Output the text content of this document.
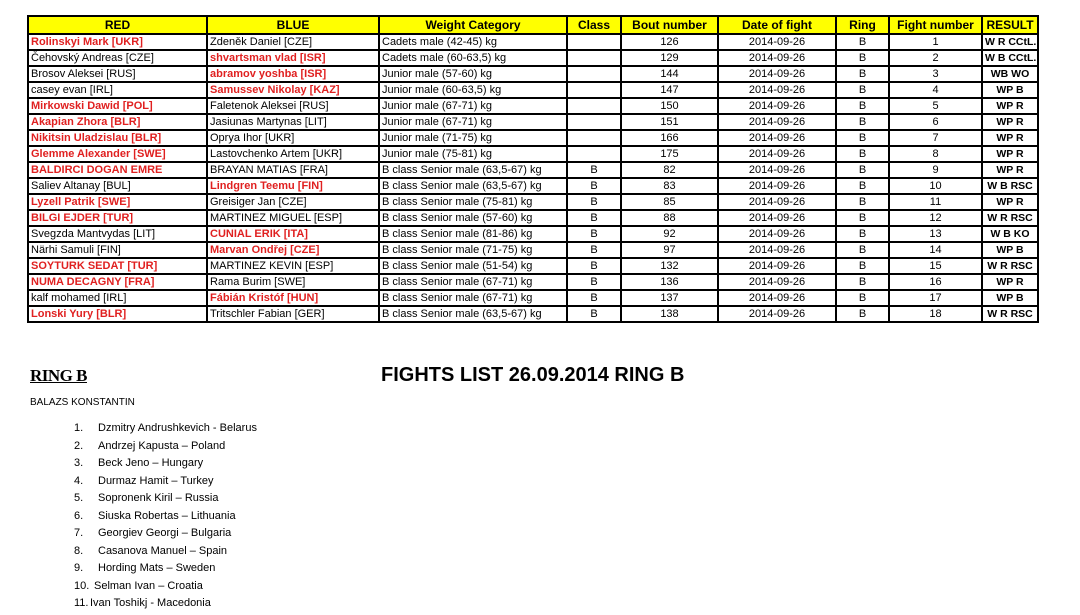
RED	BLUE	Weight Category	Class	Bout number	Date of fight	Ring	Fight number	RESULT
Rolinskyi Mark [UKR]	Zdeněk Daniel [CZE]	Cadets male (42-45) kg		126	2014-09-26	B	1	W R CCtL.
Čehovský Andreas [CZE]	shvartsman vlad [ISR]	Cadets male (60-63,5) kg		129	2014-09-26	B	2	W B CCtL.
Brosov Aleksei [RUS]	abramov yoshba [ISR]	Junior male (57-60) kg		144	2014-09-26	B	3	WB WO
casey evan [IRL]	Samussev Nikolay [KAZ]	Junior male (60-63,5) kg		147	2014-09-26	B	4	WP B
Mirkowski Dawid [POL]	Faletenok Aleksei [RUS]	Junior male (67-71) kg		150	2014-09-26	B	5	WP R
Akapian Zhora [BLR]	Jasiunas Martynas [LIT]	Junior male (67-71) kg		151	2014-09-26	B	6	WP R
Nikitsin Uladzislau [BLR]	Oprya Ihor [UKR]	Junior male (71-75) kg		166	2014-09-26	B	7	WP R
Glemme Alexander [SWE]	Lastovchenko Artem [UKR]	Junior male (75-81) kg		175	2014-09-26	B	8	WP R
BALDIRCI DOGAN EMRE	BRAYAN MATIAS [FRA]	B class Senior male (63,5-67) kg	B	82	2014-09-26	B	9	WP R
Saliev Altanay [BUL]	Lindgren Teemu [FIN]	B class Senior male (63,5-67) kg	B	83	2014-09-26	B	10	W B RSC
Lyzell Patrik [SWE]	Greisiger Jan [CZE]	B class Senior male (75-81) kg	B	85	2014-09-26	B	11	WP R
BILGI EJDER [TUR]	MARTINEZ MIGUEL [ESP]	B class Senior male (57-60) kg	B	88	2014-09-26	B	12	W R RSC
Svegzda Mantvydas [LIT]	CUNIAL ERIK [ITA]	B class Senior male (81-86) kg	B	92	2014-09-26	B	13	W B KO
Närhi Samuli [FIN]	Marvan Ondřej [CZE]	B class Senior male (71-75) kg	B	97	2014-09-26	B	14	WP B
SOYTURK SEDAT [TUR]	MARTINEZ KEVIN [ESP]	B class Senior male (51-54) kg	B	132	2014-09-26	B	15	W R RSC
NUMA DECAGNY [FRA]	Rama Burim [SWE]	B class Senior male (67-71) kg	B	136	2014-09-26	B	16	WP R
kalf mohamed [IRL]	Fábián Kristóf [HUN]	B class Senior male (67-71) kg	B	137	2014-09-26	B	17	WP B
Lonski Yury [BLR]	Tritschler Fabian [GER]	B class Senior male (63,5-67) kg	B	138	2014-09-26	B	18	W R RSC
RING B	FIGHTS LIST 26.09.2014 RING B
BALAZS KONSTANTIN
1.	Dzmitry Andrushkevich - Belarus
2.	Andrzej Kapusta – Poland
3.	Beck Jeno – Hungary
4.	Durmaz Hamit – Turkey
5.	Sopronenk Kiril – Russia
6.	Siuska Robertas – Lithuania
7.	Georgiev Georgi – Bulgaria
8.	Casanova Manuel – Spain
9.	Hording Mats – Sweden
10. Selman Ivan – Croatia
11. Ivan Toshikj - Macedonia
